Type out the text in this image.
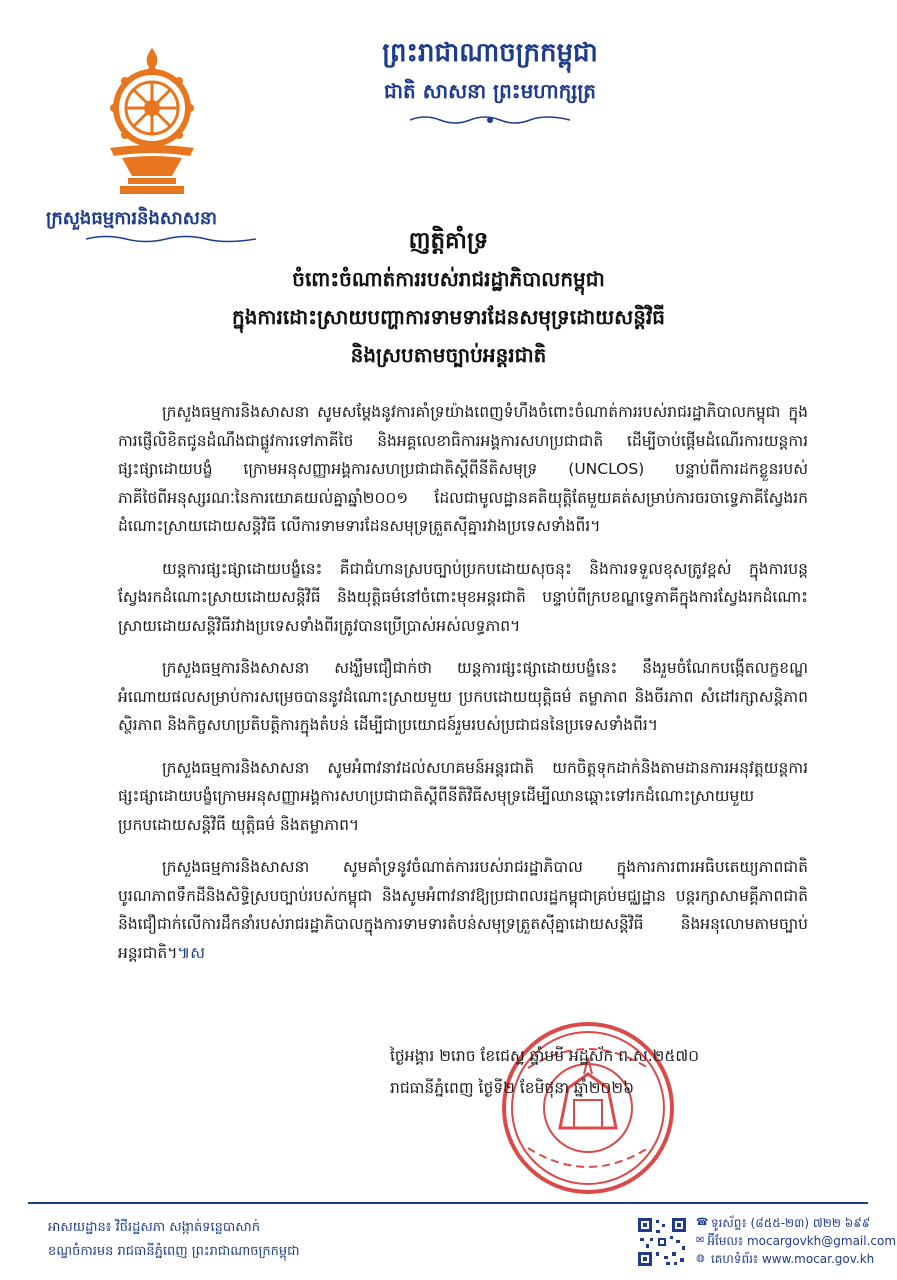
ក្រសួងធម្មការនិងសាសនា
ព្រះរាជាណាចក្រកម្ពុជា
ជាតិ សាសនា ព្រះមហាក្សត្រ
ញត្តិគាំទ្រ
ចំពោះចំណាត់ការរបស់រាជរដ្ឋាភិបាលកម្ពុជា
ក្នុងការដោះស្រាយបញ្ហាការទាមទារដែនសមុទ្រដោយសន្តិវិធី
និងស្របតាមច្បាប់អន្តរជាតិ

ក្រសួងធម្មការនិងសាសនា សូមសម្ដែងនូវការគាំទ្រយ៉ាងពេញទំហឹងចំពោះចំណាត់ការរបស់រាជរដ្ឋាភិបាលកម្ពុជា ក្នុងការផ្ញើលិខិតជូនដំណឹងជាផ្លូវការទៅភាគីថៃ និងអគ្គលេខាធិការអង្គការសហប្រជាជាតិ ដើម្បីចាប់ផ្ដើមដំណើរការយន្តការផ្សះផ្សាដោយបង្ខំ ក្រោមអនុសញ្ញាអង្គការសហប្រជាជាតិស្ដីពីនីតិសមុទ្រ (UNCLOS) បន្ទាប់ពីការដកខ្លួនរបស់ភាគីថៃពីអនុស្សរណៈនៃការយោគយល់គ្នាឆ្នាំ២០០១ ដែលជាមូលដ្ឋានគតិយុត្តិតែមួយគត់សម្រាប់ការចរចាទ្វេភាគីស្វែងរកដំណោះស្រាយដោយសន្តិវិធី លើការទាមទារដែនសមុទ្រត្រួតស៊ីគ្នារវាងប្រទេសទាំងពីរ។

យន្តការផ្សះផ្សាដោយបង្ខំនេះ គឺជាជំហានស្របច្បាប់ប្រកបដោយសុចនុះ និងការទទួលខុសត្រូវខ្ពស់ ក្នុងការបន្តស្វែងរកដំណោះស្រាយដោយសន្តិវិធី និងយុត្តិធម៌នៅចំពោះមុខអន្តរជាតិ បន្ទាប់ពីក្របខណ្ឌទ្វេភាគីក្នុងការស្វែងរកដំណោះស្រាយដោយសន្តិវិធីរវាងប្រទេសទាំងពីរត្រូវបានប្រើប្រាស់អស់លទ្ធភាព។

ក្រសួងធម្មការនិងសាសនា សង្ឃឹមជឿជាក់ថា យន្តការផ្សះផ្សាដោយបង្ខំនេះ នឹងរួមចំណែកបង្កើតលក្ខខណ្ឌអំណោយផលសម្រាប់ការសម្រេចបាននូវដំណោះស្រាយមួយ ប្រកបដោយយុត្តិធម៌ តម្លាភាព និងចីរភាព សំដៅរក្សាសន្តិភាព ស្ថិរភាព និងកិច្ចសហប្រតិបត្តិការក្នុងតំបន់ ដើម្បីជាប្រយោជន៍រួមរបស់ប្រជាជននៃប្រទេសទាំងពីរ។

ក្រសួងធម្មការនិងសាសនា សូមអំពាវនាវដល់សហគមន៍អន្តរជាតិ យកចិត្តទុកដាក់និងតាមដានការអនុវត្តយន្តការផ្សះផ្សាដោយបង្ខំក្រោមអនុសញ្ញាអង្គការសហប្រជាជាតិស្ដីពីនីតិវិធីសមុទ្រដើម្បីឈានឆ្ពោះទៅរកដំណោះស្រាយមួយប្រកបដោយសន្តិវិធី យុត្តិធម៌ និងតម្លាភាព។

ក្រសួងធម្មការនិងសាសនា សូមគាំទ្រនូវចំណាត់ការរបស់រាជរដ្ឋាភិបាល ក្នុងការការពារអធិបតេយ្យភាពជាតិ បូរណភាពទឹកដីនិងសិទ្ធិស្របច្បាប់របស់កម្ពុជា និងសូមអំពាវនាវឱ្យប្រជាពលរដ្ឋកម្ពុជាគ្រប់មជ្ឈដ្ឋាន បន្តរក្សាសាមគ្គីភាពជាតិ និងជឿជាក់លើការដឹកនាំរបស់រាជរដ្ឋាភិបាលក្នុងការទាមទារតំបន់សមុទ្រត្រួតស៊ីគ្នាដោយសន្តិវិធី និងអនុលោមតាមច្បាប់អន្តរជាតិ។៕ស

ថ្ងៃអង្គារ ២រោច ខែជេស្ឋ ឆ្នាំមមី អដ្ឋស័ក ព.ស.២៥៧០
រាជធានីភ្នំពេញ ថ្ងៃទី២ ខែមិថុនា ឆ្នាំ២០២៦
អាសយដ្ឋាន៖ វិថីរដ្ឋសភា សង្កាត់ទន្លេបាសាក់
ខណ្ឌចំការមន រាជធានីភ្នំពេញ ព្រះរាជាណាចក្រកម្ពុជា
☎ ទូរស័ព្ទ៖ (៨៥៥-២៣) ៧២២ ៦៩៩
✉ អ៊ីមែល៖ mocargovkh@gmail.com
◍ គេហទំព័រ៖ www.mocar.gov.kh
